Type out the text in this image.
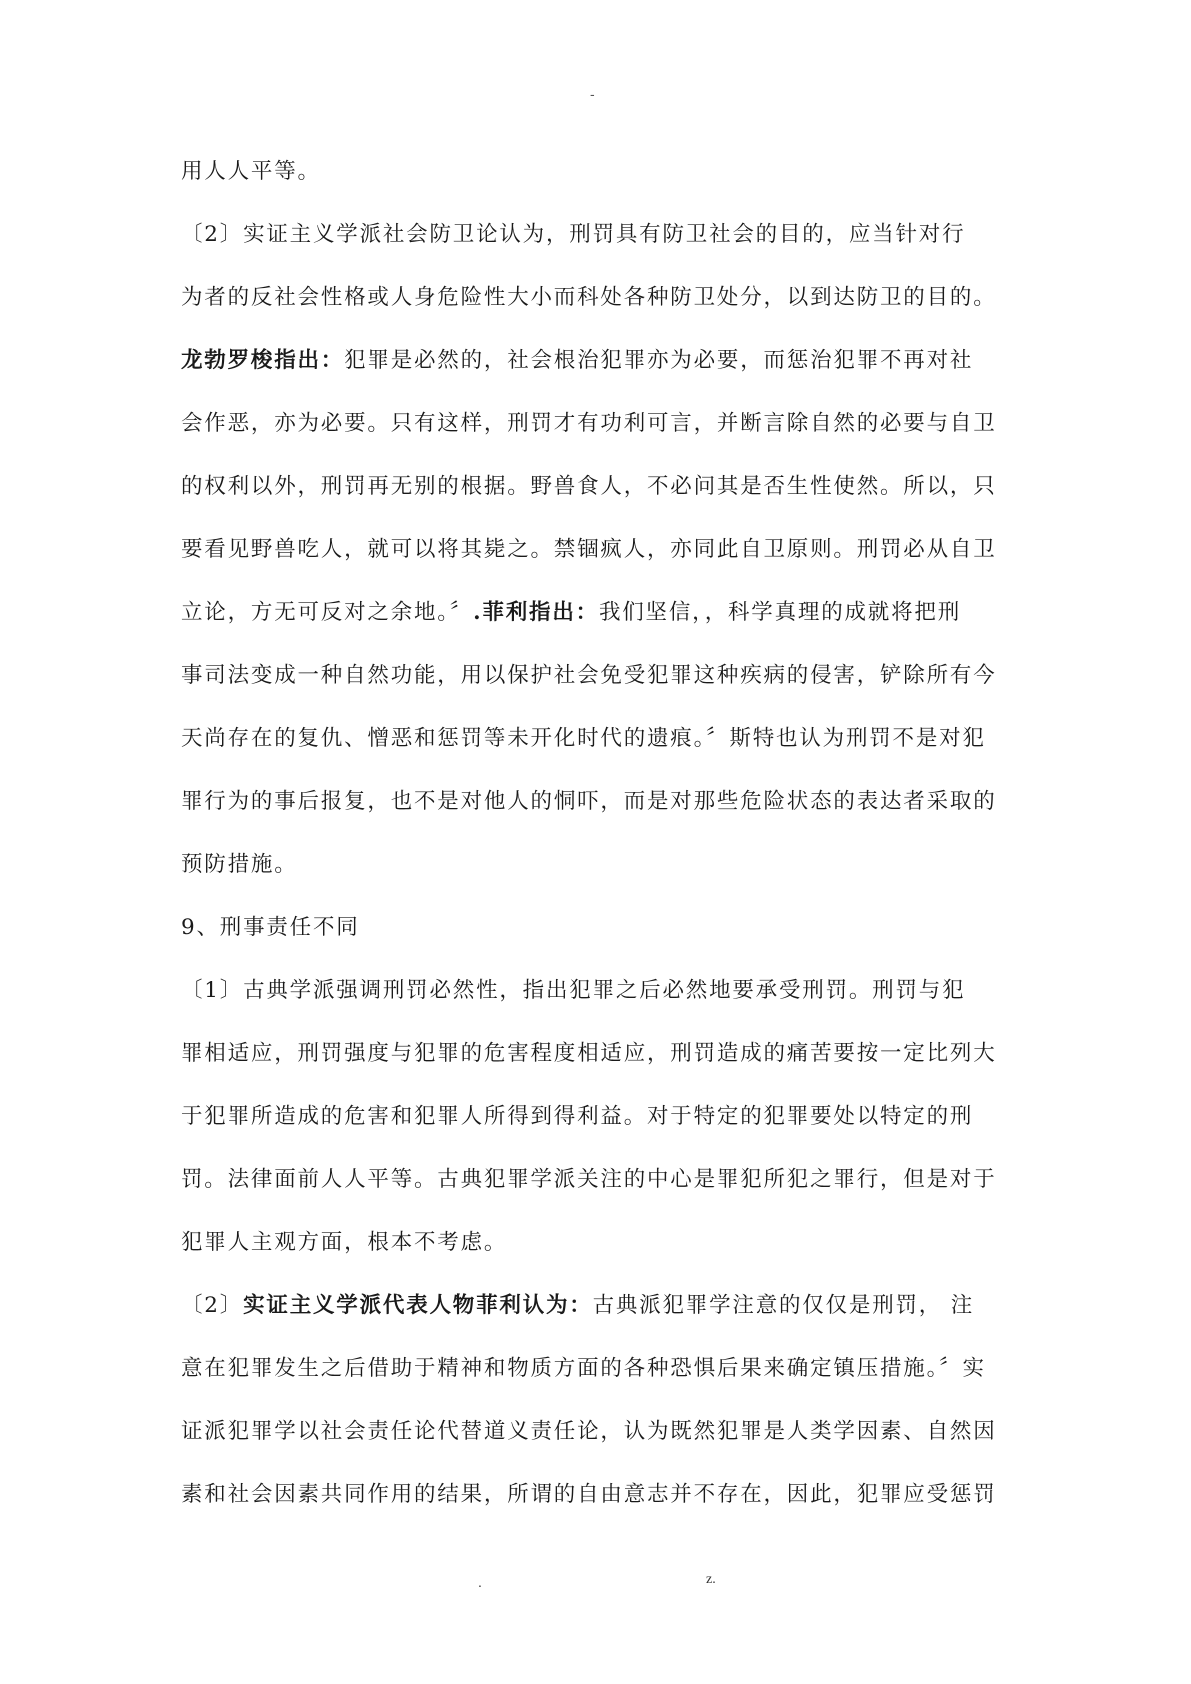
-
用人人平等。
〔2〕实证主义学派社会防卫论认为，刑罚具有防卫社会的目的，应当针对行
为者的反社会性格或人身危险性大小而科处各种防卫处分，以到达防卫的目的。
龙勃罗梭指出：犯罪是必然的，社会根治犯罪亦为必要，而惩治犯罪不再对社
会作恶，亦为必要。只有这样，刑罚才有功利可言，并断言除自然的必要与自卫
的权利以外，刑罚再无别的根据。野兽食人，不必问其是否生性使然。所以，只
要看见野兽吃人，就可以将其毙之。禁锢疯人，亦同此自卫原则。刑罚必从自卫
立论，方无可反对之余地。〞.菲利指出：我们坚信，，科学真理的成就将把刑
事司法变成一种自然功能，用以保护社会免受犯罪这种疾病的侵害，铲除所有今
天尚存在的复仇、憎恶和惩罚等未开化时代的遗痕。〞斯特也认为刑罚不是对犯
罪行为的事后报复，也不是对他人的恫吓，而是对那些危险状态的表达者采取的
预防措施。
9、刑事责任不同
〔1〕古典学派强调刑罚必然性，指出犯罪之后必然地要承受刑罚。刑罚与犯
罪相适应，刑罚强度与犯罪的危害程度相适应，刑罚造成的痛苦要按一定比列大
于犯罪所造成的危害和犯罪人所得到得利益。对于特定的犯罪要处以特定的刑
罚。法律面前人人平等。古典犯罪学派关注的中心是罪犯所犯之罪行，但是对于
犯罪人主观方面，根本不考虑。
〔2〕实证主义学派代表人物菲利认为：古典派犯罪学注意的仅仅是刑罚， 注
意在犯罪发生之后借助于精神和物质方面的各种恐惧后果来确定镇压措施。〞实
证派犯罪学以社会责任论代替道义责任论，认为既然犯罪是人类学因素、自然因
素和社会因素共同作用的结果，所谓的自由意志并不存在，因此，犯罪应受惩罚
.	z.
